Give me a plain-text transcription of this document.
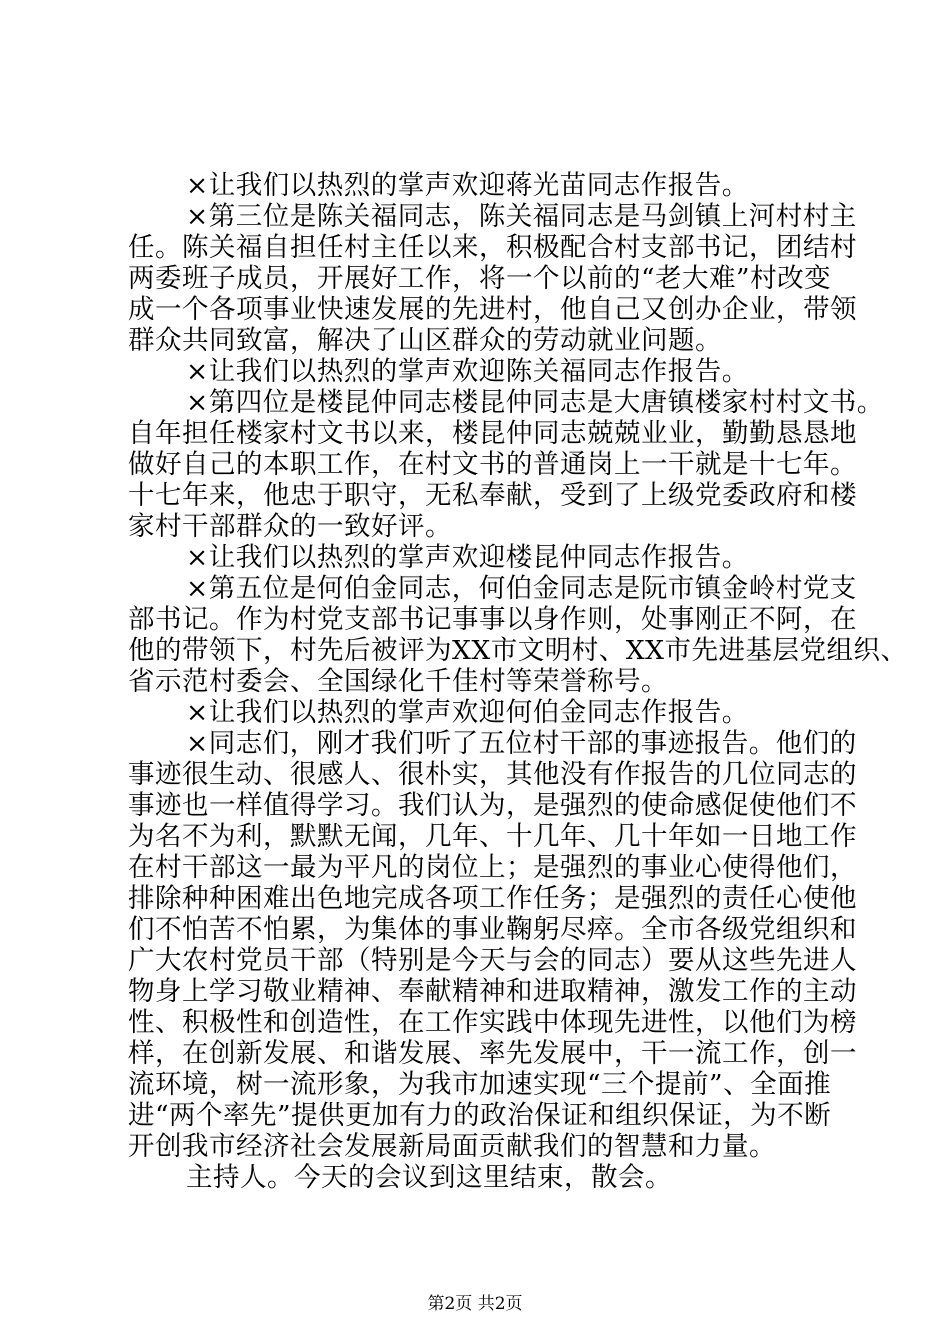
×让我们以热烈的掌声欢迎蒋光苗同志作报告。
×第三位是陈关福同志，陈关福同志是马剑镇上河村村主
任。陈关福自担任村主任以来，积极配合村支部书记，团结村
两委班子成员，开展好工作，将一个以前的“老大难”村改变
成一个各项事业快速发展的先进村，他自己又创办企业，带领
群众共同致富，解决了山区群众的劳动就业问题。
×让我们以热烈的掌声欢迎陈关福同志作报告。
×第四位是楼昆仲同志楼昆仲同志是大唐镇楼家村村文书。
自年担任楼家村文书以来，楼昆仲同志兢兢业业，勤勤恳恳地
做好自己的本职工作，在村文书的普通岗上一干就是十七年。
十七年来，他忠于职守，无私奉献，受到了上级党委政府和楼
家村干部群众的一致好评。
×让我们以热烈的掌声欢迎楼昆仲同志作报告。
×第五位是何伯金同志，何伯金同志是阮市镇金岭村党支
部书记。作为村党支部书记事事以身作则，处事刚正不阿，在
他的带领下，村先后被评为XX市文明村、XX市先进基层党组织、
省示范村委会、全国绿化千佳村等荣誉称号。
×让我们以热烈的掌声欢迎何伯金同志作报告。
×同志们，刚才我们听了五位村干部的事迹报告。他们的
事迹很生动、很感人、很朴实，其他没有作报告的几位同志的
事迹也一样值得学习。我们认为，是强烈的使命感促使他们不
为名不为利，默默无闻，几年、十几年、几十年如一日地工作
在村干部这一最为平凡的岗位上；是强烈的事业心使得他们，
排除种种困难出色地完成各项工作任务；是强烈的责任心使他
们不怕苦不怕累，为集体的事业鞠躬尽瘁。全市各级党组织和
广大农村党员干部（特别是今天与会的同志）要从这些先进人
物身上学习敬业精神、奉献精神和进取精神，激发工作的主动
性、积极性和创造性，在工作实践中体现先进性，以他们为榜
样，在创新发展、和谐发展、率先发展中，干一流工作，创一
流环境，树一流形象，为我市加速实现“三个提前”、全面推
进“两个率先”提供更加有力的政治保证和组织保证，为不断
开创我市经济社会发展新局面贡献我们的智慧和力量。
主持人。今天的会议到这里结束，散会。
第2页 共2页
